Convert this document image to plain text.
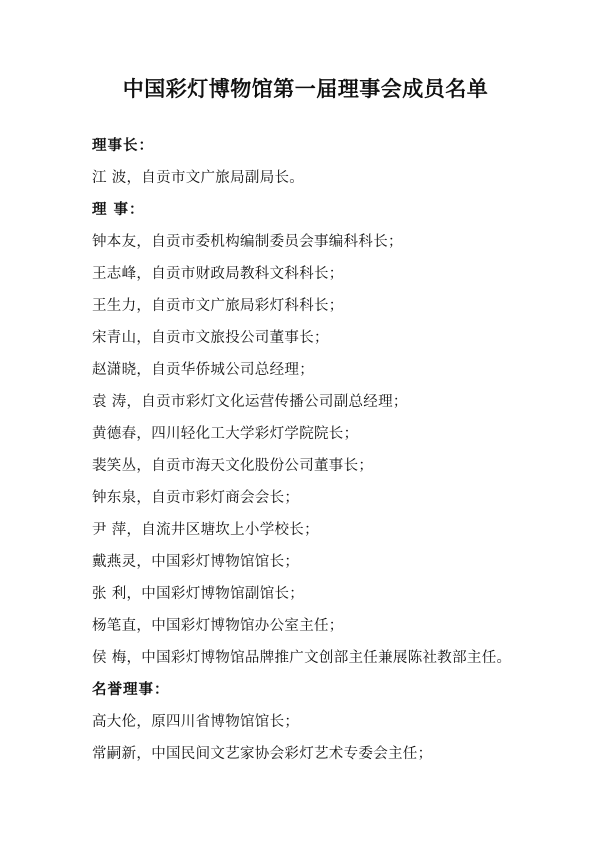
中国彩灯博物馆第一届理事会成员名单
理事长：
江 波，自贡市文广旅局副局长。
理 事：
钟本友，自贡市委机构编制委员会事编科科长；
王志峰，自贡市财政局教科文科科长；
王生力，自贡市文广旅局彩灯科科长；
宋青山，自贡市文旅投公司董事长；
赵潇晓，自贡华侨城公司总经理；
袁 涛，自贡市彩灯文化运营传播公司副总经理；
黄德春，四川轻化工大学彩灯学院院长；
裴笑丛，自贡市海天文化股份公司董事长；
钟东泉，自贡市彩灯商会会长；
尹 萍，自流井区塘坎上小学校长；
戴燕灵，中国彩灯博物馆馆长；
张 利，中国彩灯博物馆副馆长；
杨笔直，中国彩灯博物馆办公室主任；
侯 梅，中国彩灯博物馆品牌推广文创部主任兼展陈社教部主任。
名誉理事：
高大伦，原四川省博物馆馆长；
常嗣新，中国民间文艺家协会彩灯艺术专委会主任；
